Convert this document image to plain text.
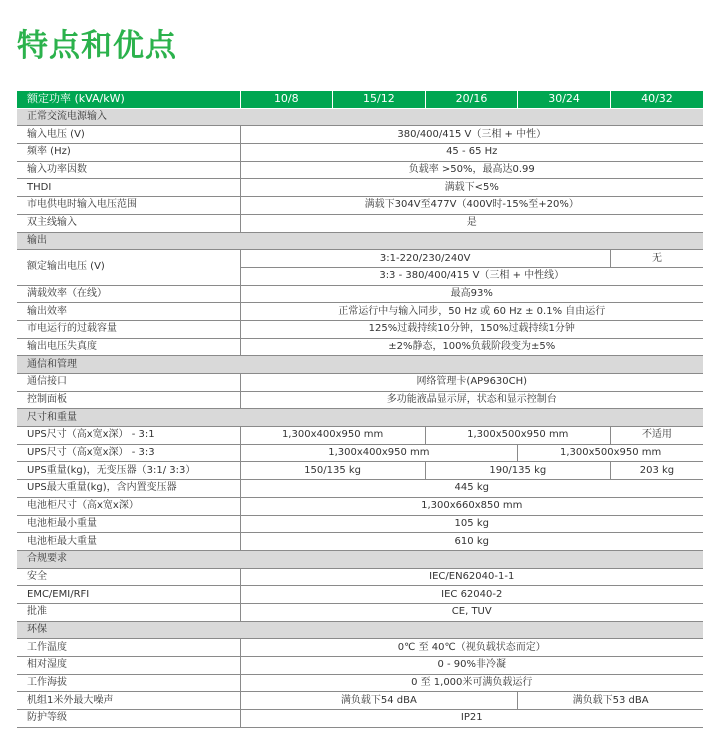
特点和优点
额定功率 (kVA/kW)	10/8	15/12	20/16	30/24	40/32
正常交流电源输入					
输入电压 (V)	380/400/415 V（三相 + 中性）				
频率 (Hz)	45 - 65 Hz				
输入功率因数	负载率 >50%，最高达0.99				
THDI	满载下<5%				
市电供电时输入电压范围	满载下304V至477V（400V时-15%至+20%）				
双主线输入	是				
输出					
额定输出电压 (V)	3:1-220/230/240V				无
	3:3 - 380/400/415 V（三相 + 中性线）				
满载效率（在线）	最高93%				
输出效率	正常运行中与输入同步，50 Hz 或 60 Hz ± 0.1% 自由运行				
市电运行的过载容量	125%过载持续10分钟，150%过载持续1分钟				
输出电压失真度	±2%静态，100%负载阶段变为±5%				
通信和管理					
通信接口	网络管理卡(AP9630CH)				
控制面板	多功能液晶显示屏，状态和显示控制台				
尺寸和重量					
UPS尺寸（高x宽x深） - 3:1	1,300x400x950 mm		1,300x500x950 mm		不适用
UPS尺寸（高x宽x深） - 3:3	1,300x400x950 mm			1,300x500x950 mm	
UPS重量(kg)，无变压器（3:1/ 3:3）	150/135 kg		190/135 kg		203 kg
UPS最大重量(kg)，含内置变压器	445 kg				
电池柜尺寸（高x宽x深）	1,300x660x850 mm				
电池柜最小重量	105 kg				
电池柜最大重量	610 kg				
合规要求					
安全	IEC/EN62040-1-1				
EMC/EMI/RFI	IEC 62040-2				
批准	CE, TUV				
环保					
工作温度	0℃ 至 40℃（视负载状态而定）				
相对湿度	0 - 90%非冷凝				
工作海拔	0 至 1,000米可满负载运行				
机组1米外最大噪声	满负载下54 dBA			满负载下53 dBA	
防护等级	IP21				
